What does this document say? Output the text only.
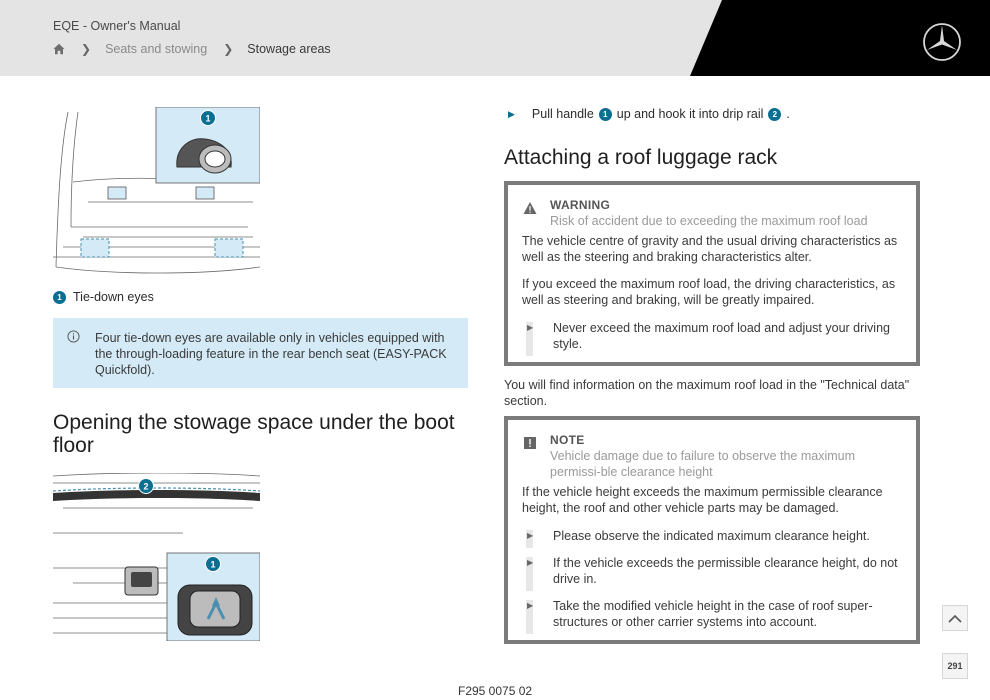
EQE - Owner's Manual
❯ Seats and stowing ❯ Stowage areas
1
1 Tie-down eyes
Four tie-down eyes are available only in vehicles equipped with the through-loading feature in the rear bench seat (EASY-PACK Quickfold).
Opening the stowage space under the boot floor
2
1
▶ Pull handle	1 up and hook it into drip rail	2 .
Attaching a roof luggage rack
WARNING
Risk of accident due to exceeding the maximum roof load
The vehicle centre of gravity and the usual driving characteristics as well as the steering and braking characteristics alter.
If you exceed the maximum roof load, the driving characteristics, as well as steering and braking, will be greatly impaired.
▶ Never exceed the maximum roof load and adjust your driving style.
You will find information on the maximum roof load in the "Technical data" section.
NOTE
Vehicle damage due to failure to observe the maximum permissi-ble clearance height
If the vehicle height exceeds the maximum permissible clearance height, the roof and other vehicle parts may be damaged.
▶ Please observe the indicated maximum clearance height.
▶ If the vehicle exceeds the permissible clearance height, do not drive in.
▶ Take the modified vehicle height in the case of roof super-structures or other carrier systems into account.
F295 0075 02
291
